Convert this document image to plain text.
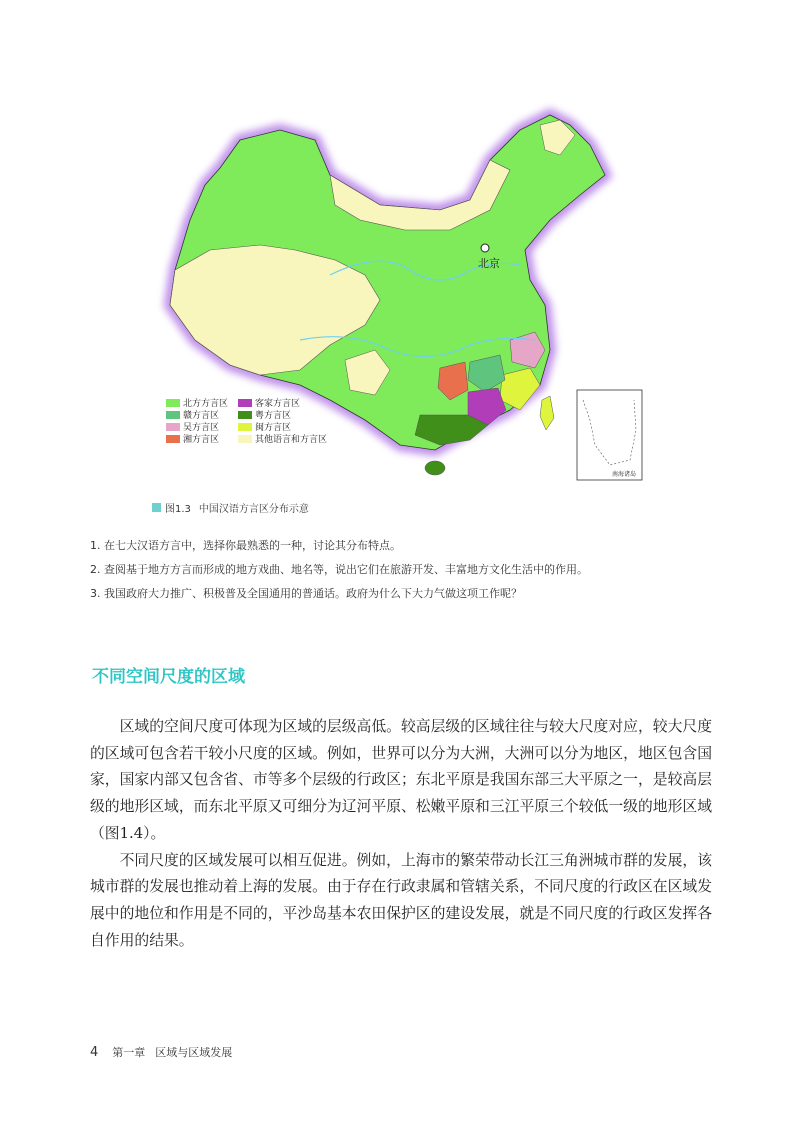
北京
南海诸岛
北方方言区	客家方言区
赣方言区	粤方言区
吴方言区	闽方言区
湘方言区	其他语言和方言区
图1.3 中国汉语方言区分布示意
1. 在七大汉语方言中，选择你最熟悉的一种，讨论其分布特点。
2. 查阅基于地方方言而形成的地方戏曲、地名等，说出它们在旅游开发、丰富地方文化生活中的作用。
3. 我国政府大力推广、积极普及全国通用的普通话。政府为什么下大力气做这项工作呢？
不同空间尺度的区域

区域的空间尺度可体现为区域的层级高低。较高层级的区域往往与较大尺度对应，较大尺度的区域可包含若干较小尺度的区域。例如，世界可以分为大洲，大洲可以分为地区，地区包含国家，国家内部又包含省、市等多个层级的行政区；东北平原是我国东部三大平原之一，是较高层级的地形区域，而东北平原又可细分为辽河平原、松嫩平原和三江平原三个较低一级的地形区域（图1.4）。

不同尺度的区域发展可以相互促进。例如，上海市的繁荣带动长江三角洲城市群的发展，该城市群的发展也推动着上海的发展。由于存在行政隶属和管辖关系，不同尺度的行政区在区域发展中的地位和作用是不同的，平沙岛基本农田保护区的建设发展，就是不同尺度的行政区发挥各自作用的结果。

4 第一章 区域与区域发展
